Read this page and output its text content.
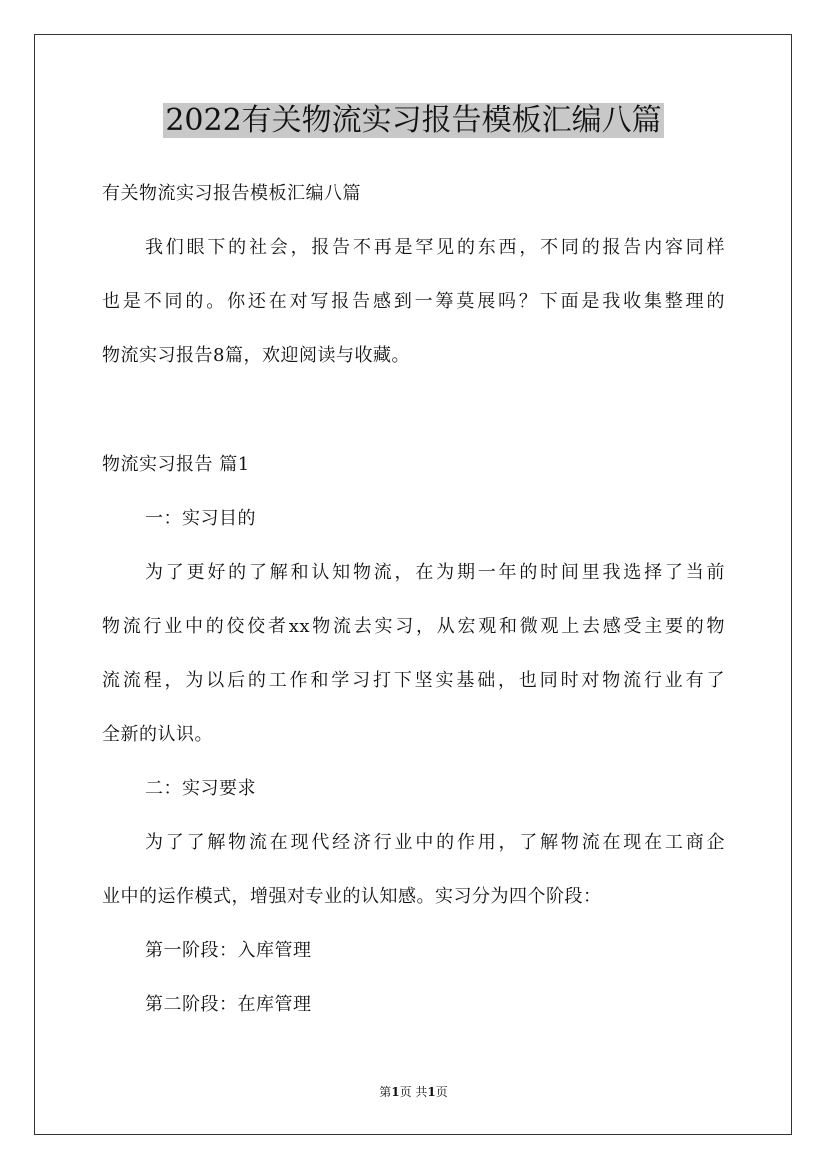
2022有关物流实习报告模板汇编八篇
有关物流实习报告模板汇编八篇
我们眼下的社会，报告不再是罕见的东西，不同的报告内容同样
也是不同的。你还在对写报告感到一筹莫展吗？下面是我收集整理的
物流实习报告8篇，欢迎阅读与收藏。
物流实习报告 篇1
一：实习目的
为了更好的了解和认知物流，在为期一年的时间里我选择了当前
物流行业中的佼佼者xx物流去实习，从宏观和微观上去感受主要的物
流流程，为以后的工作和学习打下坚实基础，也同时对物流行业有了
全新的认识。
二：实习要求
为了了解物流在现代经济行业中的作用，了解物流在现在工商企
业中的运作模式，增强对专业的认知感。实习分为四个阶段：
第一阶段：入库管理
第二阶段：在库管理
第1页 共1页
